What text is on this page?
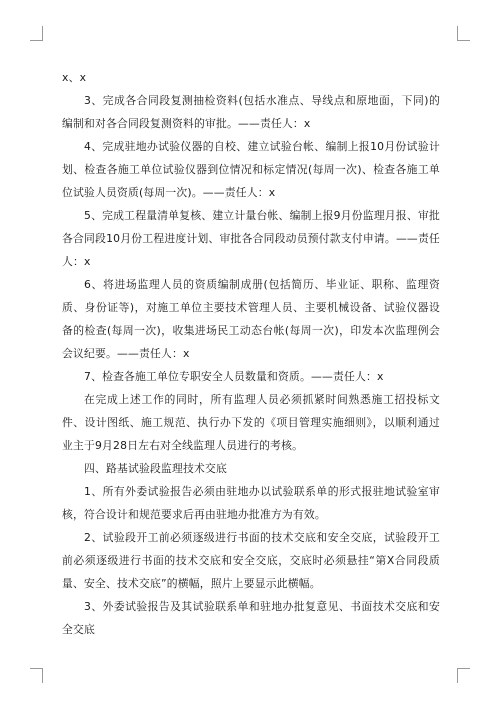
x、x

3、完成各合同段复测抽检资料(包括水准点、导线点和原地面，下同)的编制和对各合同段复测资料的审批。——责任人：x

4、完成驻地办试验仪器的自校、建立试验台帐、编制上报10月份试验计划、检查各施工单位试验仪器到位情况和标定情况(每周一次)、检查各施工单位试验人员资质(每周一次)。——责任人：x

5、完成工程量清单复核、建立计量台帐、编制上报9月份监理月报、审批各合同段10月份工程进度计划、审批各合同段动员预付款支付申请。——责任人：x

6、将进场监理人员的资质编制成册(包括简历、毕业证、职称、监理资质、身份证等)，对施工单位主要技术管理人员、主要机械设备、试验仪器设备的检查(每周一次)，收集进场民工动态台帐(每周一次)，印发本次监理例会会议纪要。——责任人：x

7、检查各施工单位专职安全人员数量和资质。——责任人：x

在完成上述工作的同时，所有监理人员必须抓紧时间熟悉施工招投标文件、设计图纸、施工规范、执行办下发的《项目管理实施细则》，以顺利通过业主于9月28日左右对全线监理人员进行的考核。

四、路基试验段监理技术交底

1、所有外委试验报告必须由驻地办以试验联系单的形式报驻地试验室审核，符合设计和规范要求后再由驻地办批准方为有效。

2、试验段开工前必须逐级进行书面的技术交底和安全交底，试验段开工前必须逐级进行书面的技术交底和安全交底，交底时必须悬挂“第X合同段质量、安全、技术交底”的横幅，照片上要显示此横幅。

3、外委试验报告及其试验联系单和驻地办批复意见、书面技术交底和安全交底
